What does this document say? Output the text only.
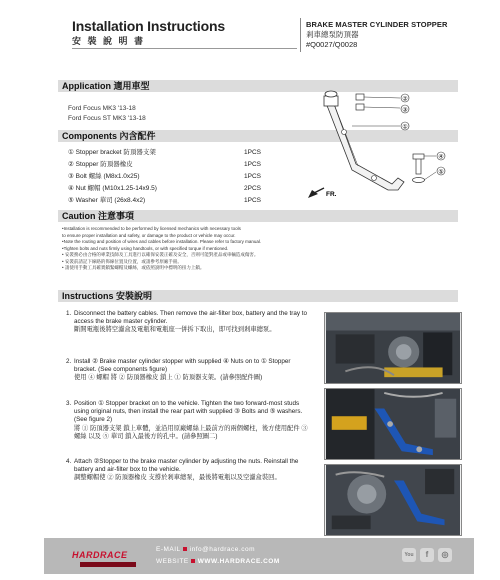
Installation Instructions
安 裝 說 明 書
BRAKE MASTER CYLINDER STOPPER
剎車總泵防頂器
#Q0027/Q0028
Application 適用車型
Ford Focus MK3 '13-18
Ford Focus ST MK3 '13-18
Components 內含配件
① Stopper bracket 防頂器支架	1PCS
② Stopper 防頂器橡皮	1PCS
③ Bolt 螺絲 (M8x1.0x25)	1PCS
④ Nut 螺帽 (M10x1.25-14x9.5)	2PCS
⑤ Washer 華司 (26x8.4x2)	1PCS
②
③
①
④
⑤
FR.
Caution 注意事項
•Installation is recommended to be performed by licensed mechanics with necessary tools
to ensure proper installation and safety, or damage to the product or vehicle may occur.
•Note the routing and position of wires and cables before installation. Please refer to factory manual.
•Tighten bolts and nuts firmly using handtools, or with specified torque if mentioned.
• 安裝務必由合格的專業技師及工具進行以確保安裝正確及安全，否則可能對產品或車輛造成傷害。
• 安裝前請記下線路的佈線位置及位置，或請參考原廠手冊。
• 請使用手動工具確實鎖緊螺帽及螺絲，或依照說明中標明的扭力上鎖。
Instructions 安裝說明
1. Disconnect the battery cables. Then remove the air-filter box, battery and the tray to access the brake master cylinder.
斷開電瓶後將空濾盒及電瓶和電瓶座一併拆下取出，即可找到剎車總泵。
2. Install ② Brake master cylinder stopper with supplied ④ Nuts on to ① Stopper bracket. (See components figure)
使用 ④ 螺帽 將 ② 防頂器橡皮 鎖上 ① 防頂器支架。(請參照配件圖)
3. Position ① Stopper bracket on to the vehicle. Tighten the two forward-most studs using original nuts, then install the rear part with supplied ③ Bolts and ⑤ washers. (See figure 2)
將 ① 防頂器支架 鎖上車體，並沿用原廠螺絲上最前方的兩個螺柱，後方使用配件 ③ 螺絲 以及 ⑤ 華司 鎖入最後方的孔中。(請參照圖二)
4. Attach ②Stopper to the brake master cylinder by adjusting the nuts. Reinstall the battery and air-filter box to the vehicle.
調整螺帽使 ② 防頂器橡皮 支撐於剎車總泵，最後將電瓶以及空濾盒裝回。
HARDRACE
E-MAIL info@hardrace.com
WEBSITE WWW.HARDRACE.COM
You	f	◎
